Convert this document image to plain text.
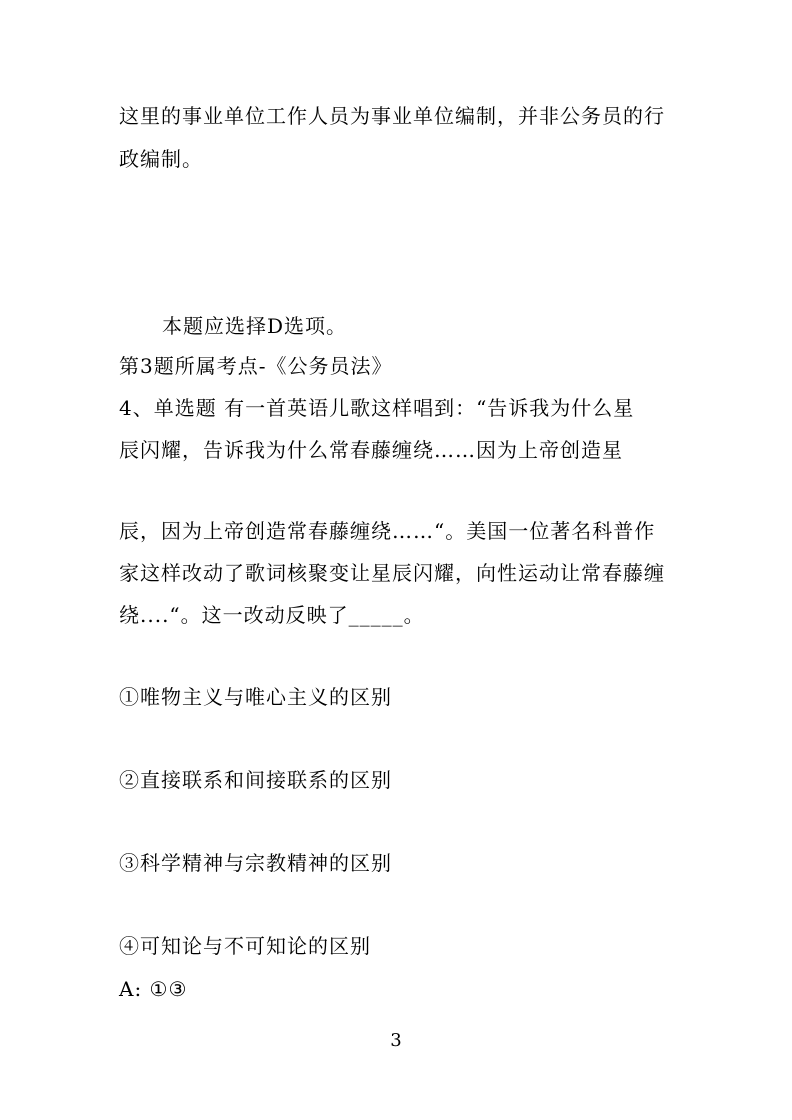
这里的事业单位工作人员为事业单位编制，并非公务员的行
政编制。
本题应选择D选项。
第3题所属考点-《公务员法》
4、单选题 有一首英语儿歌这样唱到：“告诉我为什么星
辰闪耀，告诉我为什么常春藤缠绕……因为上帝创造星
辰，因为上帝创造常春藤缠绕……“。美国一位著名科普作
家这样改动了歌词核聚变让星辰闪耀，向性运动让常春藤缠
绕....“。这一改动反映了_____。
①唯物主义与唯心主义的区别
②直接联系和间接联系的区别
③科学精神与宗教精神的区别
④可知论与不可知论的区别
A: ①③
3
